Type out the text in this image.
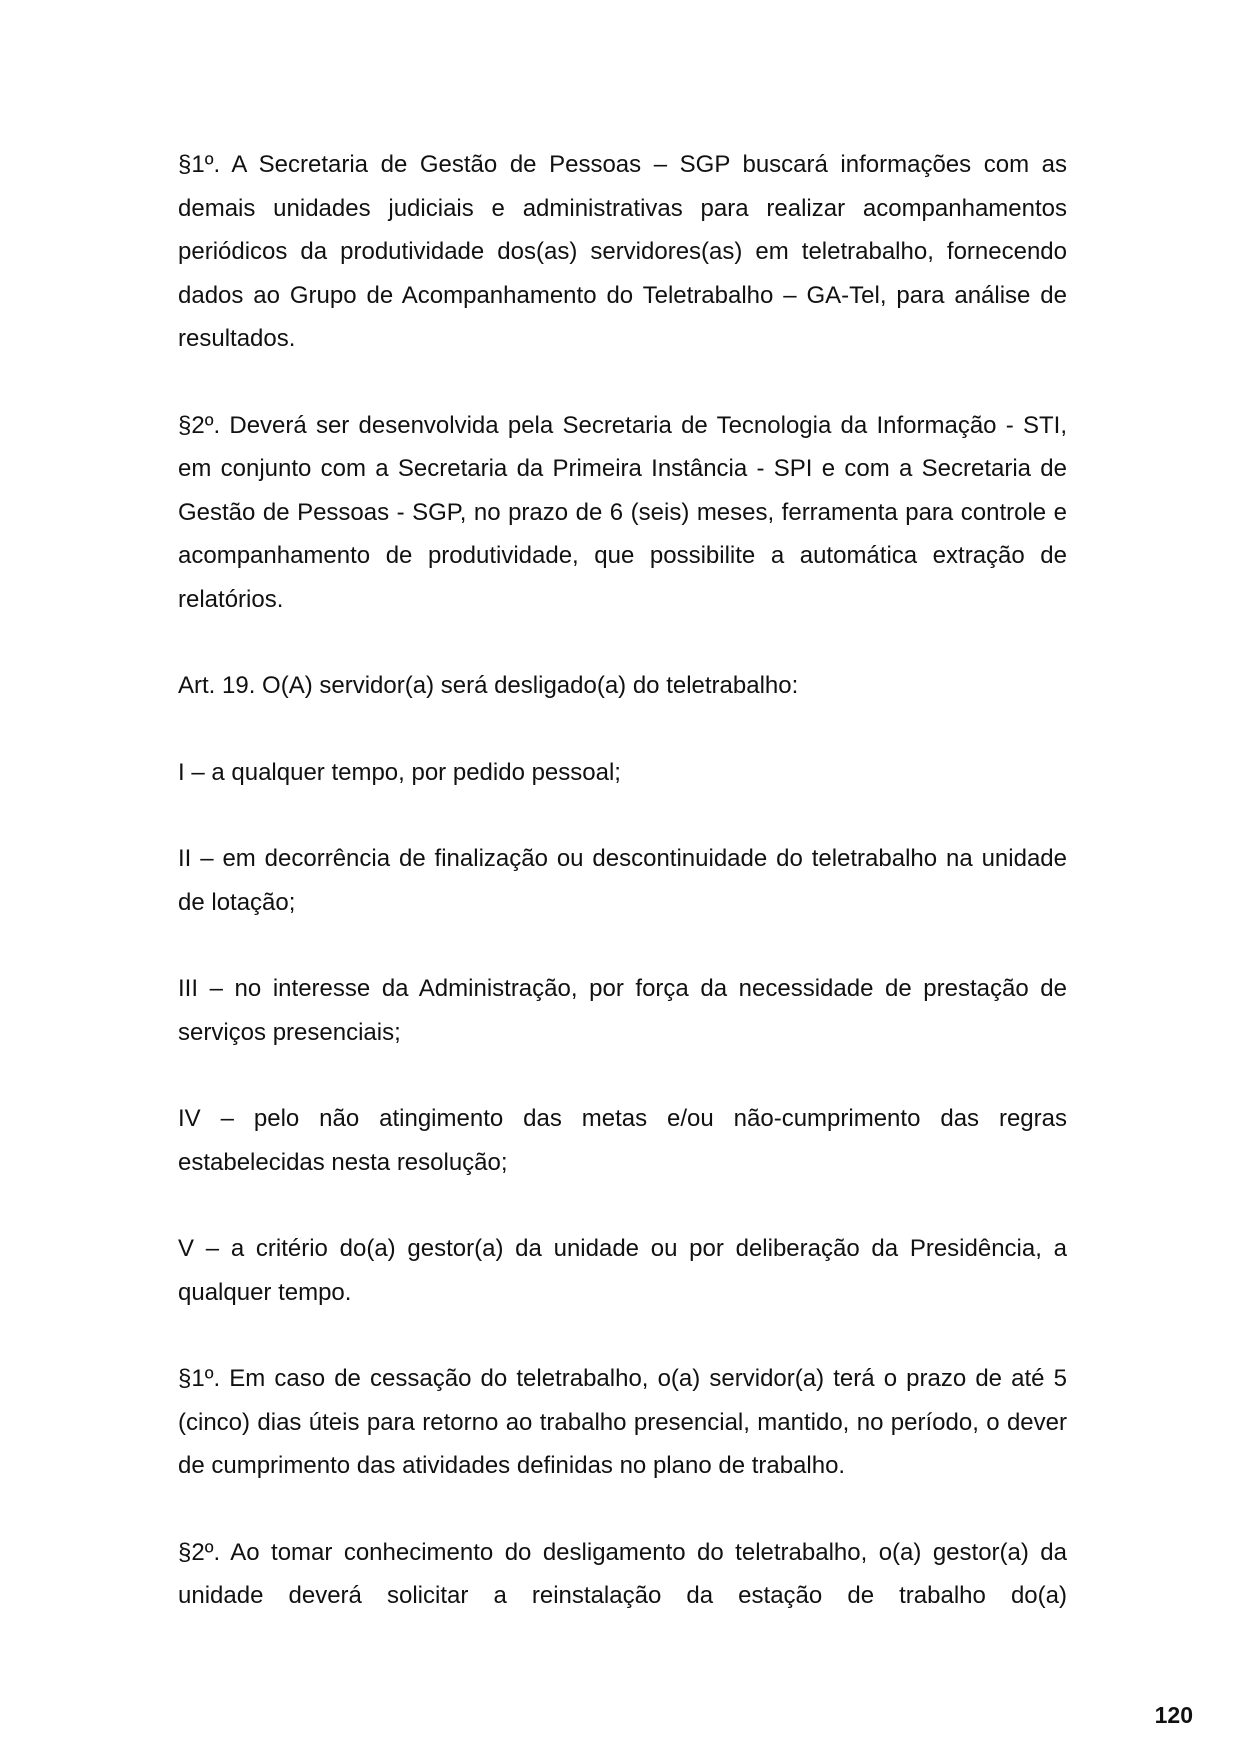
§1º. A Secretaria de Gestão de Pessoas – SGP buscará informações com as demais unidades judiciais e administrativas para realizar acompanhamentos periódicos da produtividade dos(as) servidores(as) em teletrabalho, fornecendo dados ao Grupo de Acompanhamento do Teletrabalho – GA-Tel, para análise de resultados.

§2º. Deverá ser desenvolvida pela Secretaria de Tecnologia da Informação - STI, em conjunto com a Secretaria da Primeira Instância - SPI e com a Secretaria de Gestão de Pessoas - SGP, no prazo de 6 (seis) meses, ferramenta para controle e acompanhamento de produtividade, que possibilite a automática extração de relatórios.

Art. 19. O(A) servidor(a) será desligado(a) do teletrabalho:

I – a qualquer tempo, por pedido pessoal;

II – em decorrência de finalização ou descontinuidade do teletrabalho na unidade de lotação;

III – no interesse da Administração, por força da necessidade de prestação de serviços presenciais;

IV – pelo não atingimento das metas e/ou não-cumprimento das regras estabelecidas nesta resolução;

V – a critério do(a) gestor(a) da unidade ou por deliberação da Presidência, a qualquer tempo.

§1º. Em caso de cessação do teletrabalho, o(a) servidor(a) terá o prazo de até 5 (cinco) dias úteis para retorno ao trabalho presencial, mantido, no período, o dever de cumprimento das atividades definidas no plano de trabalho.

§2º. Ao tomar conhecimento do desligamento do teletrabalho, o(a) gestor(a) da unidade deverá solicitar a reinstalação da estação de trabalho do(a)

120
